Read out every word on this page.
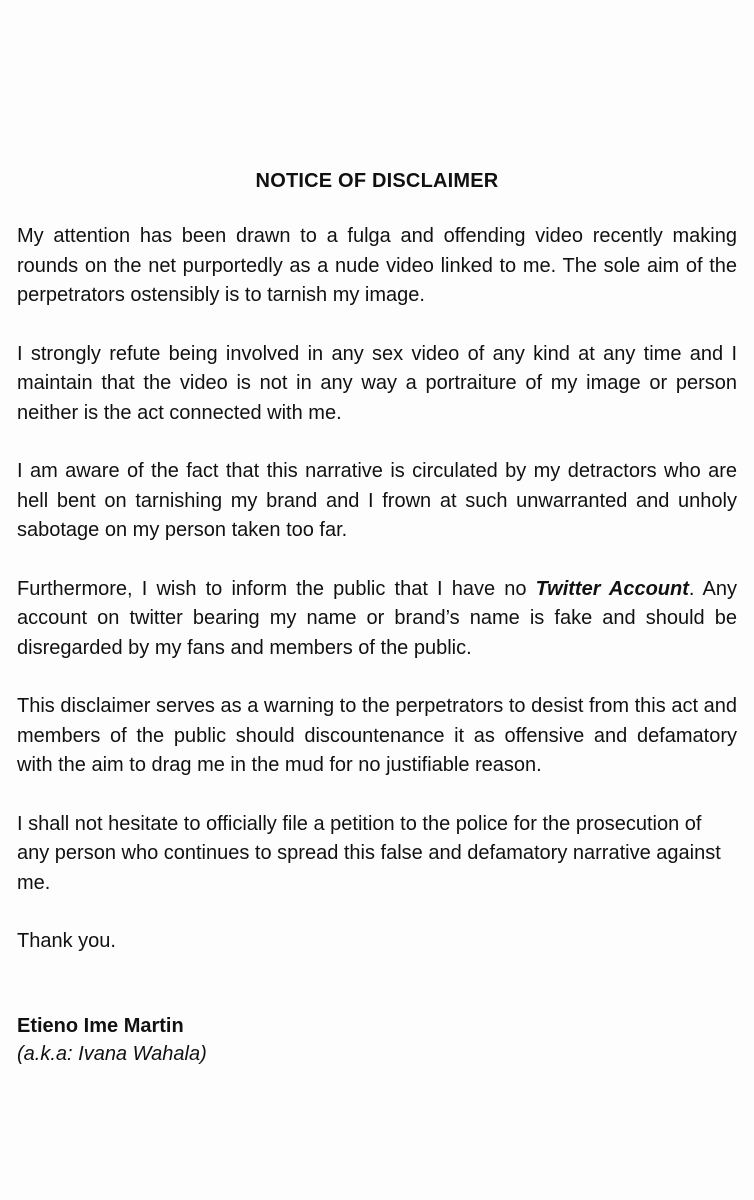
NOTICE OF DISCLAIMER

My attention has been drawn to a fulga and offending video recently making rounds on the net purportedly as a nude video linked to me. The sole aim of the perpetrators ostensibly is to tarnish my image.

I strongly refute being involved in any sex video of any kind at any time and I maintain that the video is not in any way a portraiture of my image or person neither is the act connected with me.

I am aware of the fact that this narrative is circulated by my detractors who are hell bent on tarnishing my brand and I frown at such unwarranted and unholy sabotage on my person taken too far.

Furthermore, I wish to inform the public that I have no Twitter Account. Any account on twitter bearing my name or brand’s name is fake and should be disregarded by my fans and members of the public.

This disclaimer serves as a warning to the perpetrators to desist from this act and members of the public should discountenance it as offensive and defamatory with the aim to drag me in the mud for no justifiable reason.

I shall not hesitate to officially file a petition to the police for the prosecution of any person who continues to spread this false and defamatory narrative against me.

Thank you.

Etieno Ime Martin
(a.k.a: Ivana Wahala)
